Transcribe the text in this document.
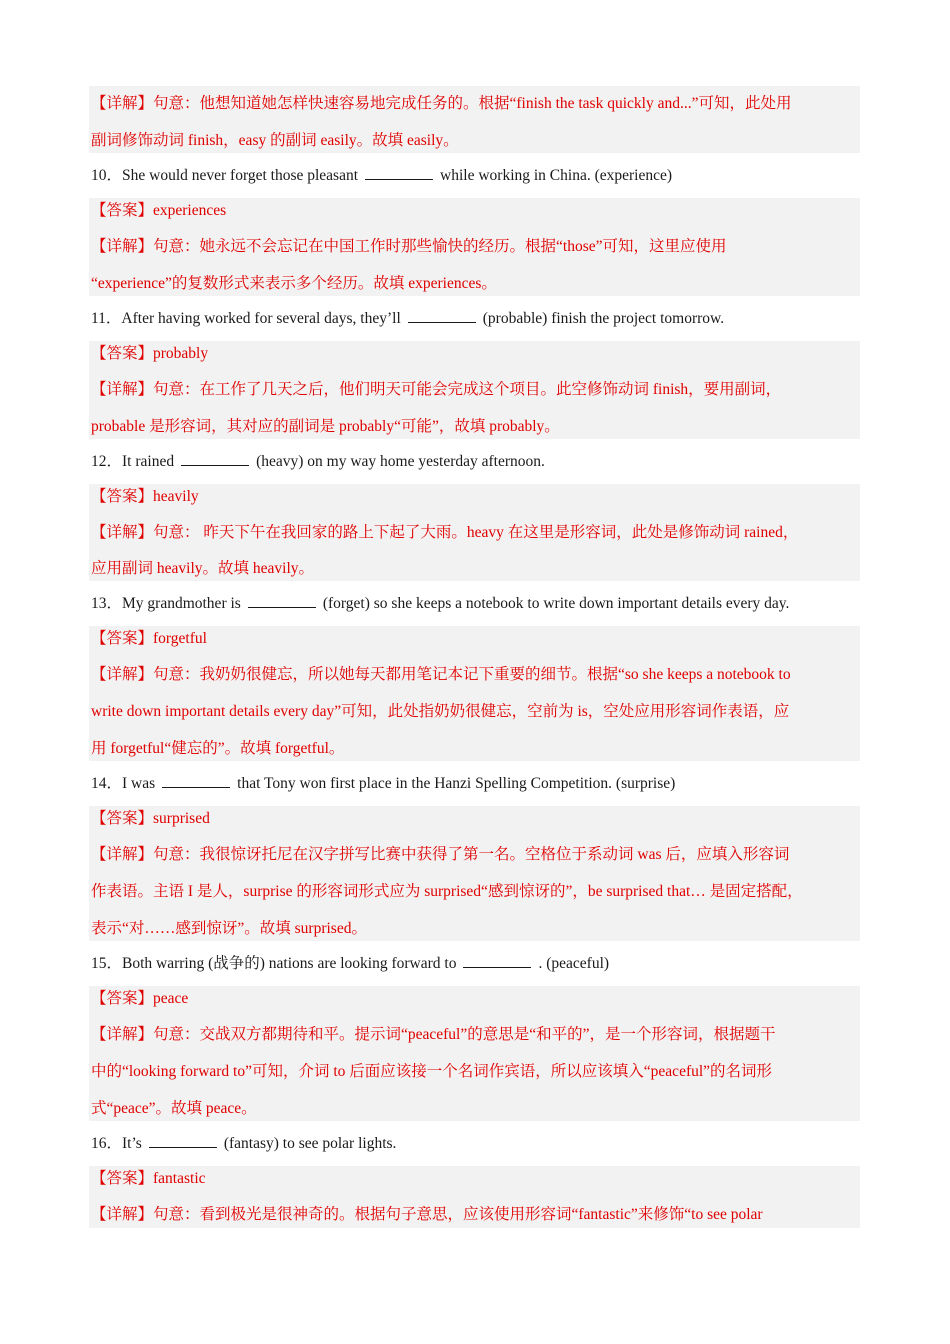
【详解】句意：他想知道她怎样快速容易地完成任务的。根据“finish the task quickly and...”可知，此处用
副词修饰动词 finish，easy 的副词 easily。故填 easily。
10．She would never forget those pleasant	while working in China. (experience)
【答案】experiences
【详解】句意：她永远不会忘记在中国工作时那些愉快的经历。根据“those”可知，这里应使用
“experience”的复数形式来表示多个经历。故填 experiences。
11．After having worked for several days, they’ll	(probable) finish the project tomorrow.
【答案】probably
【详解】句意：在工作了几天之后，他们明天可能会完成这个项目。此空修饰动词 finish，要用副词，
probable 是形容词，其对应的副词是 probably“可能”，故填 probably。
12．It rained	(heavy) on my way home yesterday afternoon.
【答案】heavily
【详解】句意： 昨天下午在我回家的路上下起了大雨。heavy 在这里是形容词，此处是修饰动词 rained，
应用副词 heavily。故填 heavily。
13．My grandmother is	(forget) so she keeps a notebook to write down important details every day.
【答案】forgetful
【详解】句意：我奶奶很健忘，所以她每天都用笔记本记下重要的细节。根据“so she keeps a notebook to
write down important details every day”可知，此处指奶奶很健忘，空前为 is，空处应用形容词作表语，应
用 forgetful“健忘的”。故填 forgetful。
14．I was	that Tony won first place in the Hanzi Spelling Competition. (surprise)
【答案】surprised
【详解】句意：我很惊讶托尼在汉字拼写比赛中获得了第一名。空格位于系动词 was 后，应填入形容词
作表语。主语 I 是人，surprise 的形容词形式应为 surprised“感到惊讶的”，be surprised that… 是固定搭配，
表示“对……感到惊讶”。故填 surprised。
15．Both warring (战争的) nations are looking forward to	. (peaceful)
【答案】peace
【详解】句意：交战双方都期待和平。提示词“peaceful”的意思是“和平的”，是一个形容词，根据题干
中的“looking forward to”可知，介词 to 后面应该接一个名词作宾语，所以应该填入“peaceful”的名词形
式“peace”。故填 peace。
16．It’s	(fantasy) to see polar lights.
【答案】fantastic
【详解】句意：看到极光是很神奇的。根据句子意思，应该使用形容词“fantastic”来修饰“to see polar
